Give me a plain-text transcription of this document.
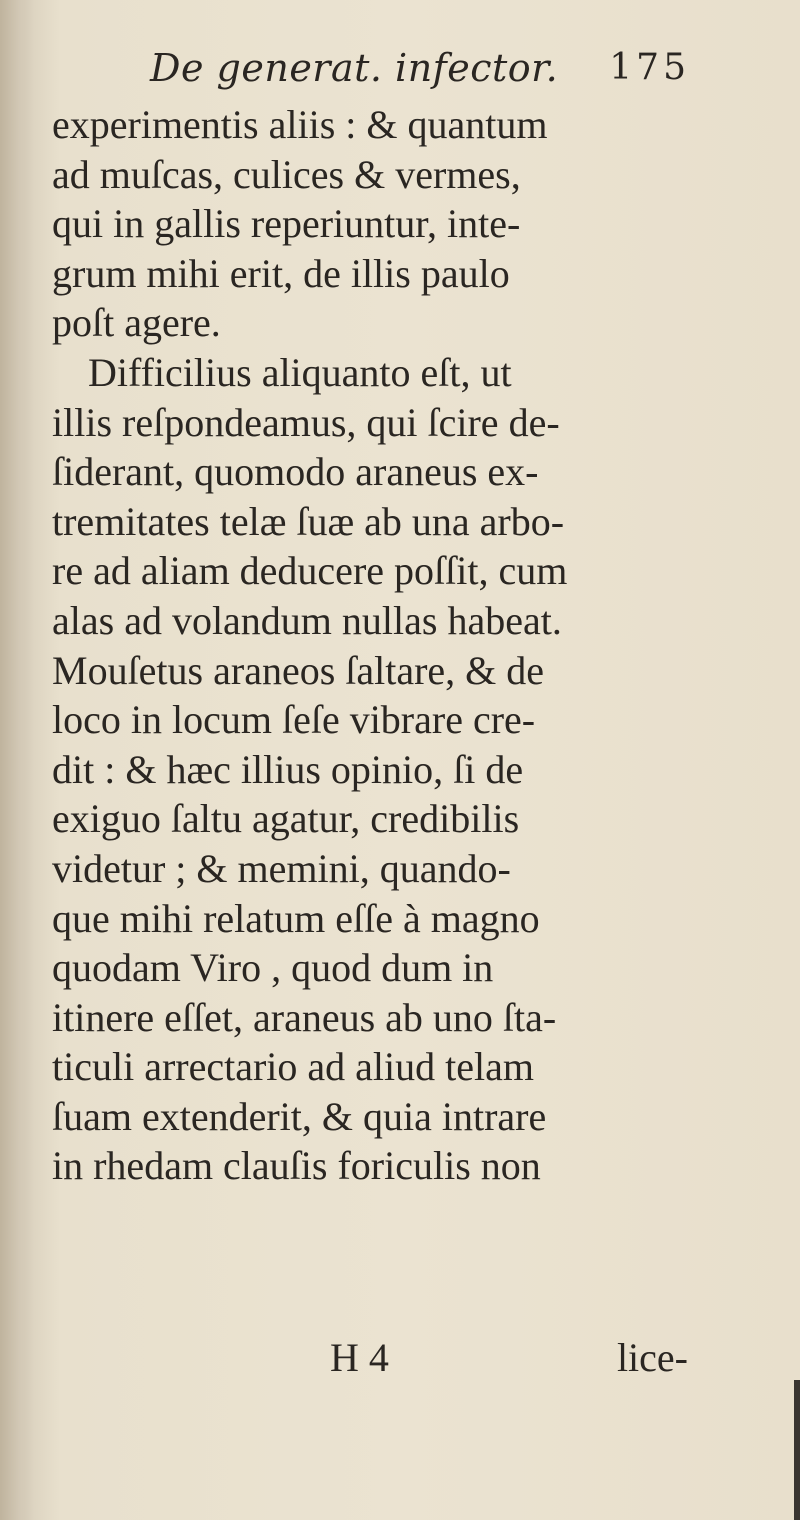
De generat. infector. 175
experimentis aliis : & quantum
ad muſcas, culices & vermes,
qui in gallis reperiuntur, inte-
grum mihi erit, de illis paulo
poſt agere.
Difficilius aliquanto eſt, ut
illis reſpondeamus, qui ſcire de-
ſiderant, quomodo araneus ex-
tremitates telæ ſuæ ab una arbo-
re ad aliam deducere poſſit, cum
alas ad volandum nullas habeat.
Mouſetus araneos ſaltare, & de
loco in locum ſeſe vibrare cre-
dit : & hæc illius opinio, ſi de
exiguo ſaltu agatur, credibilis
videtur ; & memini, quando-
que mihi relatum eſſe à magno
quodam Viro , quod dum in
itinere eſſet, araneus ab uno ſta-
ticuli arrectario ad aliud telam
ſuam extenderit, & quia intrare
in rhedam clauſis foriculis non
H 4	lice-
